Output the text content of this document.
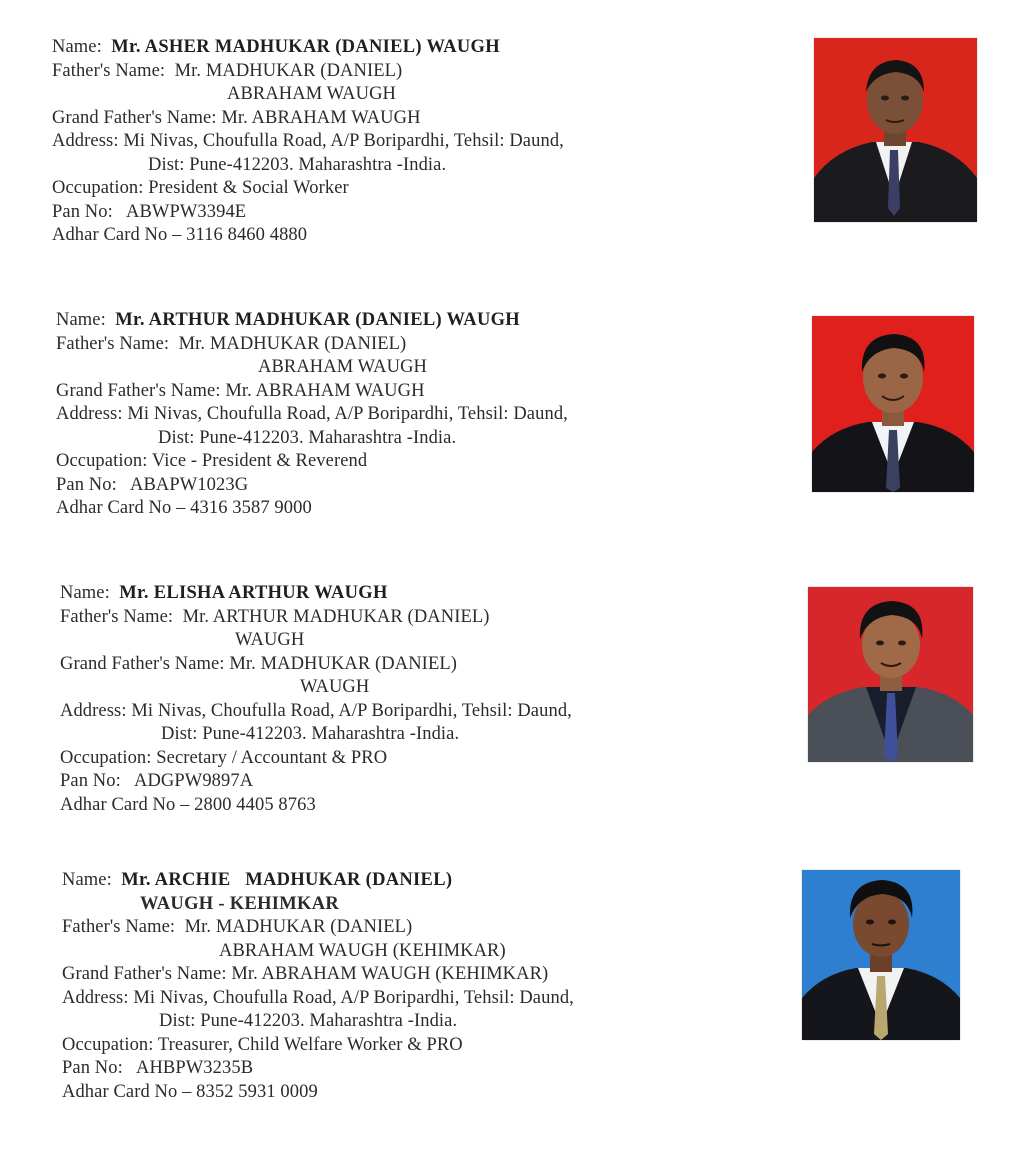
Name: Mr. ASHER MADHUKAR (DANIEL) WAUGH
Father's Name: Mr. MADHUKAR (DANIEL)
ABRAHAM WAUGH
Grand Father's Name: Mr. ABRAHAM WAUGH
Address: Mi Nivas, Choufulla Road, A/P Boripardhi, Tehsil: Daund,
Dist: Pune-412203. Maharashtra -India.
Occupation: President & Social Worker
Pan No: ABWPW3394E
Adhar Card No – 3116 8460 4880
Name: Mr. ARTHUR MADHUKAR (DANIEL) WAUGH
Father's Name: Mr. MADHUKAR (DANIEL)
ABRAHAM WAUGH
Grand Father's Name: Mr. ABRAHAM WAUGH
Address: Mi Nivas, Choufulla Road, A/P Boripardhi, Tehsil: Daund,
Dist: Pune-412203. Maharashtra -India.
Occupation: Vice - President & Reverend
Pan No: ABAPW1023G
Adhar Card No – 4316 3587 9000
Name: Mr. ELISHA ARTHUR WAUGH
Father's Name: Mr. ARTHUR MADHUKAR (DANIEL)
WAUGH
Grand Father's Name: Mr. MADHUKAR (DANIEL)
WAUGH
Address: Mi Nivas, Choufulla Road, A/P Boripardhi, Tehsil: Daund,
Dist: Pune-412203. Maharashtra -India.
Occupation: Secretary / Accountant & PRO
Pan No: ADGPW9897A
Adhar Card No – 2800 4405 8763
Name: Mr. ARCHIE   MADHUKAR (DANIEL)
WAUGH - KEHIMKAR
Father's Name: Mr. MADHUKAR (DANIEL)
ABRAHAM WAUGH (KEHIMKAR)
Grand Father's Name: Mr. ABRAHAM WAUGH (KEHIMKAR)
Address: Mi Nivas, Choufulla Road, A/P Boripardhi, Tehsil: Daund,
Dist: Pune-412203. Maharashtra -India.
Occupation: Treasurer, Child Welfare Worker & PRO
Pan No: AHBPW3235B
Adhar Card No – 8352 5931 0009
